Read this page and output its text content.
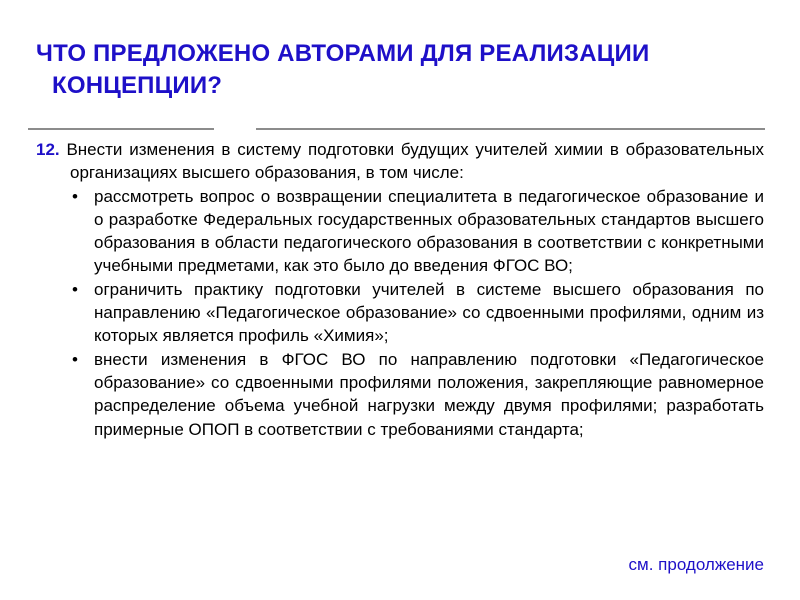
ЧТО ПРЕДЛОЖЕНО АВТОРАМИ ДЛЯ РЕАЛИЗАЦИИ
КОНЦЕПЦИИ?

12. Внести изменения в систему подготовки будущих учителей химии в образовательных организациях высшего образования, в том числе:

• рассмотреть вопрос о возвращении специалитета в педагогическое образование и о разработке Федеральных государственных образовательных стандартов высшего образования в области педагогического образования в соответствии с конкретными учебными предметами, как это было до введения ФГОС ВО;
• ограничить практику подготовки учителей в системе высшего образования по направлению «Педагогическое образование» со сдвоенными профилями, одним из которых является профиль «Химия»;
• внести изменения в ФГОС ВО по направлению подготовки «Педагогическое образование» со сдвоенными профилями положения, закрепляющие равномерное распределение объема учебной нагрузки между двумя профилями; разработать примерные ОПОП в соответствии с требованиями стандарта;
см. продолжение
